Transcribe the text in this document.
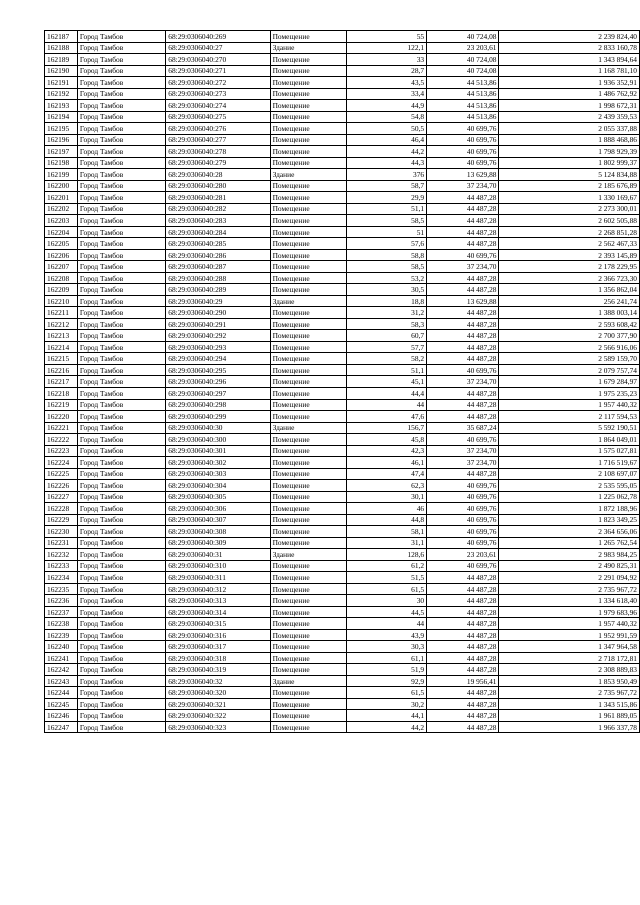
162187	Город Тамбов	68:29:0306040:269	Помещение	55	40 724,08	2 239 824,40
162188	Город Тамбов	68:29:0306040:27	Здание	122,1	23 203,61	2 833 160,78
162189	Город Тамбов	68:29:0306040:270	Помещение	33	40 724,08	1 343 894,64
162190	Город Тамбов	68:29:0306040:271	Помещение	28,7	40 724,08	1 168 781,10
162191	Город Тамбов	68:29:0306040:272	Помещение	43,5	44 513,86	1 936 352,91
162192	Город Тамбов	68:29:0306040:273	Помещение	33,4	44 513,86	1 486 762,92
162193	Город Тамбов	68:29:0306040:274	Помещение	44,9	44 513,86	1 998 672,31
162194	Город Тамбов	68:29:0306040:275	Помещение	54,8	44 513,86	2 439 359,53
162195	Город Тамбов	68:29:0306040:276	Помещение	50,5	40 699,76	2 055 337,88
162196	Город Тамбов	68:29:0306040:277	Помещение	46,4	40 699,76	1 888 468,86
162197	Город Тамбов	68:29:0306040:278	Помещение	44,2	40 699,76	1 798 929,39
162198	Город Тамбов	68:29:0306040:279	Помещение	44,3	40 699,76	1 802 999,37
162199	Город Тамбов	68:29:0306040:28	Здание	376	13 629,88	5 124 834,88
162200	Город Тамбов	68:29:0306040:280	Помещение	58,7	37 234,70	2 185 676,89
162201	Город Тамбов	68:29:0306040:281	Помещение	29,9	44 487,28	1 330 169,67
162202	Город Тамбов	68:29:0306040:282	Помещение	51,1	44 487,28	2 273 300,01
162203	Город Тамбов	68:29:0306040:283	Помещение	58,5	44 487,28	2 602 505,88
162204	Город Тамбов	68:29:0306040:284	Помещение	51	44 487,28	2 268 851,28
162205	Город Тамбов	68:29:0306040:285	Помещение	57,6	44 487,28	2 562 467,33
162206	Город Тамбов	68:29:0306040:286	Помещение	58,8	40 699,76	2 393 145,89
162207	Город Тамбов	68:29:0306040:287	Помещение	58,5	37 234,70	2 178 229,95
162208	Город Тамбов	68:29:0306040:288	Помещение	53,2	44 487,28	2 366 723,30
162209	Город Тамбов	68:29:0306040:289	Помещение	30,5	44 487,28	1 356 862,04
162210	Город Тамбов	68:29:0306040:29	Здание	18,8	13 629,88	256 241,74
162211	Город Тамбов	68:29:0306040:290	Помещение	31,2	44 487,28	1 388 003,14
162212	Город Тамбов	68:29:0306040:291	Помещение	58,3	44 487,28	2 593 608,42
162213	Город Тамбов	68:29:0306040:292	Помещение	60,7	44 487,28	2 700 377,90
162214	Город Тамбов	68:29:0306040:293	Помещение	57,7	44 487,28	2 566 916,06
162215	Город Тамбов	68:29:0306040:294	Помещение	58,2	44 487,28	2 589 159,70
162216	Город Тамбов	68:29:0306040:295	Помещение	51,1	40 699,76	2 079 757,74
162217	Город Тамбов	68:29:0306040:296	Помещение	45,1	37 234,70	1 679 284,97
162218	Город Тамбов	68:29:0306040:297	Помещение	44,4	44 487,28	1 975 235,23
162219	Город Тамбов	68:29:0306040:298	Помещение	44	44 487,28	1 957 440,32
162220	Город Тамбов	68:29:0306040:299	Помещение	47,6	44 487,28	2 117 594,53
162221	Город Тамбов	68:29:0306040:30	Здание	156,7	35 687,24	5 592 190,51
162222	Город Тамбов	68:29:0306040:300	Помещение	45,8	40 699,76	1 864 049,01
162223	Город Тамбов	68:29:0306040:301	Помещение	42,3	37 234,70	1 575 027,81
162224	Город Тамбов	68:29:0306040:302	Помещение	46,1	37 234,70	1 716 519,67
162225	Город Тамбов	68:29:0306040:303	Помещение	47,4	44 487,28	2 108 697,07
162226	Город Тамбов	68:29:0306040:304	Помещение	62,3	40 699,76	2 535 595,05
162227	Город Тамбов	68:29:0306040:305	Помещение	30,1	40 699,76	1 225 062,78
162228	Город Тамбов	68:29:0306040:306	Помещение	46	40 699,76	1 872 188,96
162229	Город Тамбов	68:29:0306040:307	Помещение	44,8	40 699,76	1 823 349,25
162230	Город Тамбов	68:29:0306040:308	Помещение	58,1	40 699,76	2 364 656,06
162231	Город Тамбов	68:29:0306040:309	Помещение	31,1	40 699,76	1 265 762,54
162232	Город Тамбов	68:29:0306040:31	Здание	128,6	23 203,61	2 983 984,25
162233	Город Тамбов	68:29:0306040:310	Помещение	61,2	40 699,76	2 490 825,31
162234	Город Тамбов	68:29:0306040:311	Помещение	51,5	44 487,28	2 291 094,92
162235	Город Тамбов	68:29:0306040:312	Помещение	61,5	44 487,28	2 735 967,72
162236	Город Тамбов	68:29:0306040:313	Помещение	30	44 487,28	1 334 618,40
162237	Город Тамбов	68:29:0306040:314	Помещение	44,5	44 487,28	1 979 683,96
162238	Город Тамбов	68:29:0306040:315	Помещение	44	44 487,28	1 957 440,32
162239	Город Тамбов	68:29:0306040:316	Помещение	43,9	44 487,28	1 952 991,59
162240	Город Тамбов	68:29:0306040:317	Помещение	30,3	44 487,28	1 347 964,58
162241	Город Тамбов	68:29:0306040:318	Помещение	61,1	44 487,28	2 718 172,81
162242	Город Тамбов	68:29:0306040:319	Помещение	51,9	44 487,28	2 308 889,83
162243	Город Тамбов	68:29:0306040:32	Здание	92,9	19 956,41	1 853 950,49
162244	Город Тамбов	68:29:0306040:320	Помещение	61,5	44 487,28	2 735 967,72
162245	Город Тамбов	68:29:0306040:321	Помещение	30,2	44 487,28	1 343 515,86
162246	Город Тамбов	68:29:0306040:322	Помещение	44,1	44 487,28	1 961 889,05
162247	Город Тамбов	68:29:0306040:323	Помещение	44,2	44 487,28	1 966 337,78
